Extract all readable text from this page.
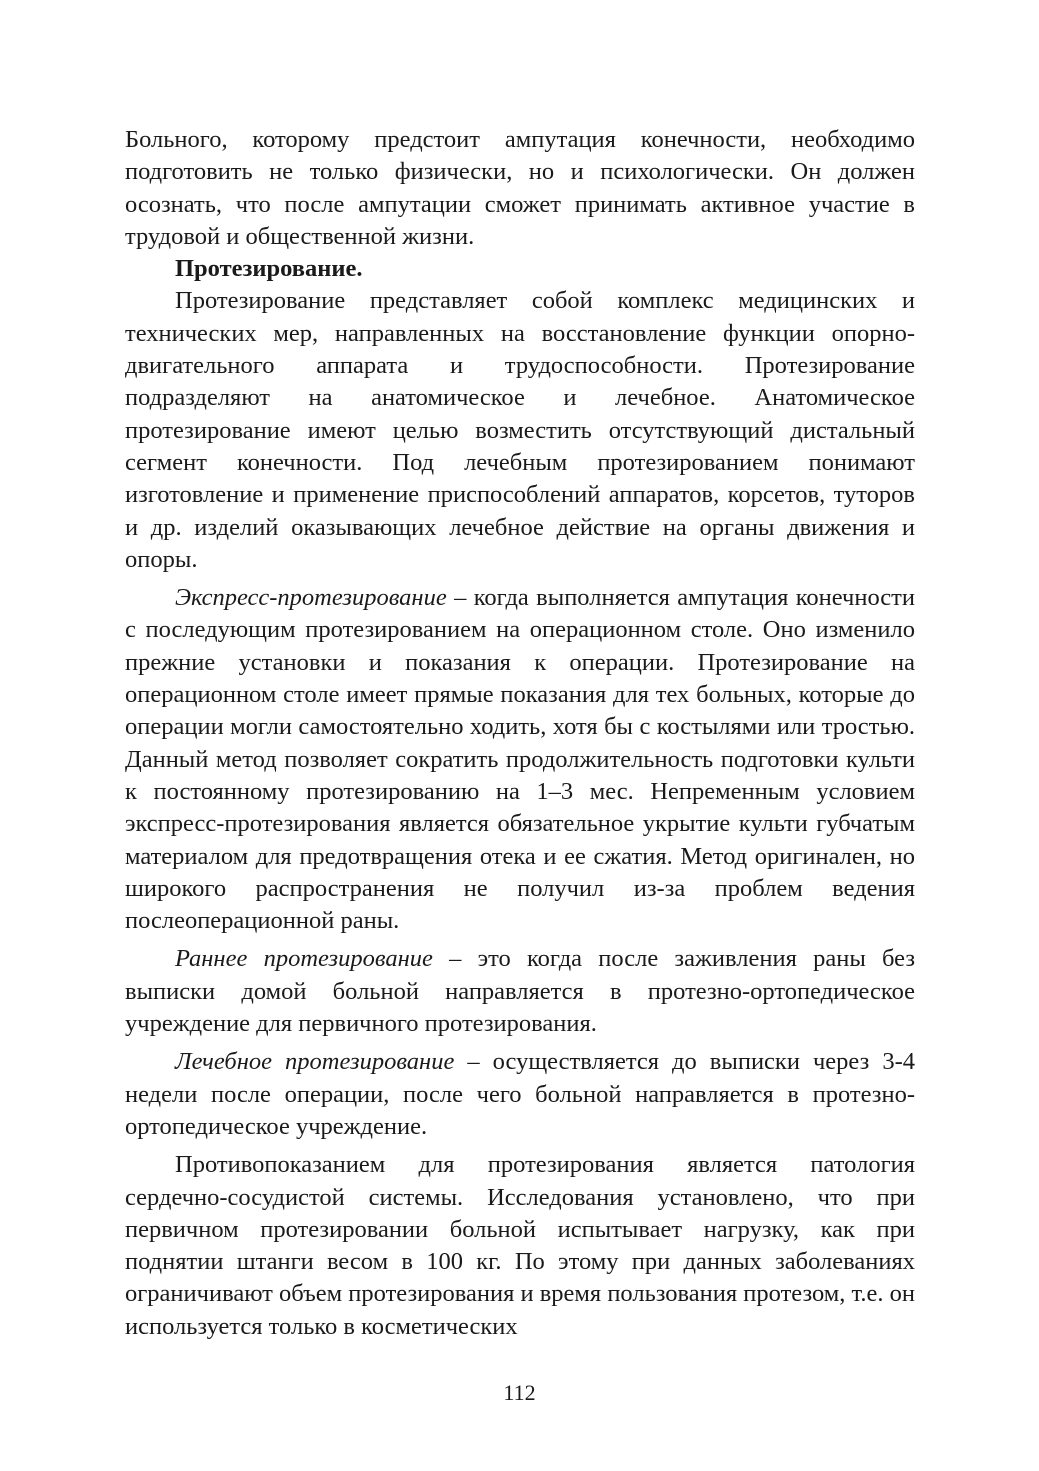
Больного, которому предстоит ампутация конечности, необходимо подготовить не только физически, но и психологически. Он должен осознать, что после ампутации сможет принимать активное участие в трудовой и общественной жизни.

Протезирование.

Протезирование представляет собой комплекс медицинских и технических мер, направленных на восстановление функции опорно-двигательного аппарата и трудоспособности. Протезирование подразделяют на анатомическое и лечебное. Анатомическое протезирование имеют целью возместить отсутствующий дистальный сегмент конечности. Под лечебным протезированием понимают изготовление и применение приспособлений аппаратов, корсетов, туторов и др. изделий оказывающих лечебное действие на органы движения и опоры.

Экспресс-протезирование – когда выполняется ампутация конечности с последующим протезированием на операционном столе. Оно изменило прежние установки и показания к операции. Протезирование на операционном столе имеет прямые показания для тех больных, которые до операции могли самостоятельно ходить, хотя бы с костылями или тростью. Данный метод позволяет сократить продолжительность подготовки культи к постоянному протезированию на 1–3 мес. Непременным условием экспресс-протезирования является обязательное укрытие культи губчатым материалом для предотвращения отека и ее сжатия. Метод оригинален, но широкого распространения не получил из-за проблем ведения послеоперационной раны.

Раннее протезирование – это когда после заживления раны без выписки домой больной направляется в протезно-ортопедическое учреждение для первичного протезирования.

Лечебное протезирование – осуществляется до выписки через 3-4 недели после операции, после чего больной направляется в протезно-ортопедическое учреждение.

Противопоказанием для протезирования является патология сердечно-сосудистой системы. Исследования установлено, что при первичном протезировании больной испытывает нагрузку, как при поднятии штанги весом в 100 кг. По этому при данных заболеваниях ограничивают объем протезирования и время пользования протезом, т.е. он используется только в косметических

112
